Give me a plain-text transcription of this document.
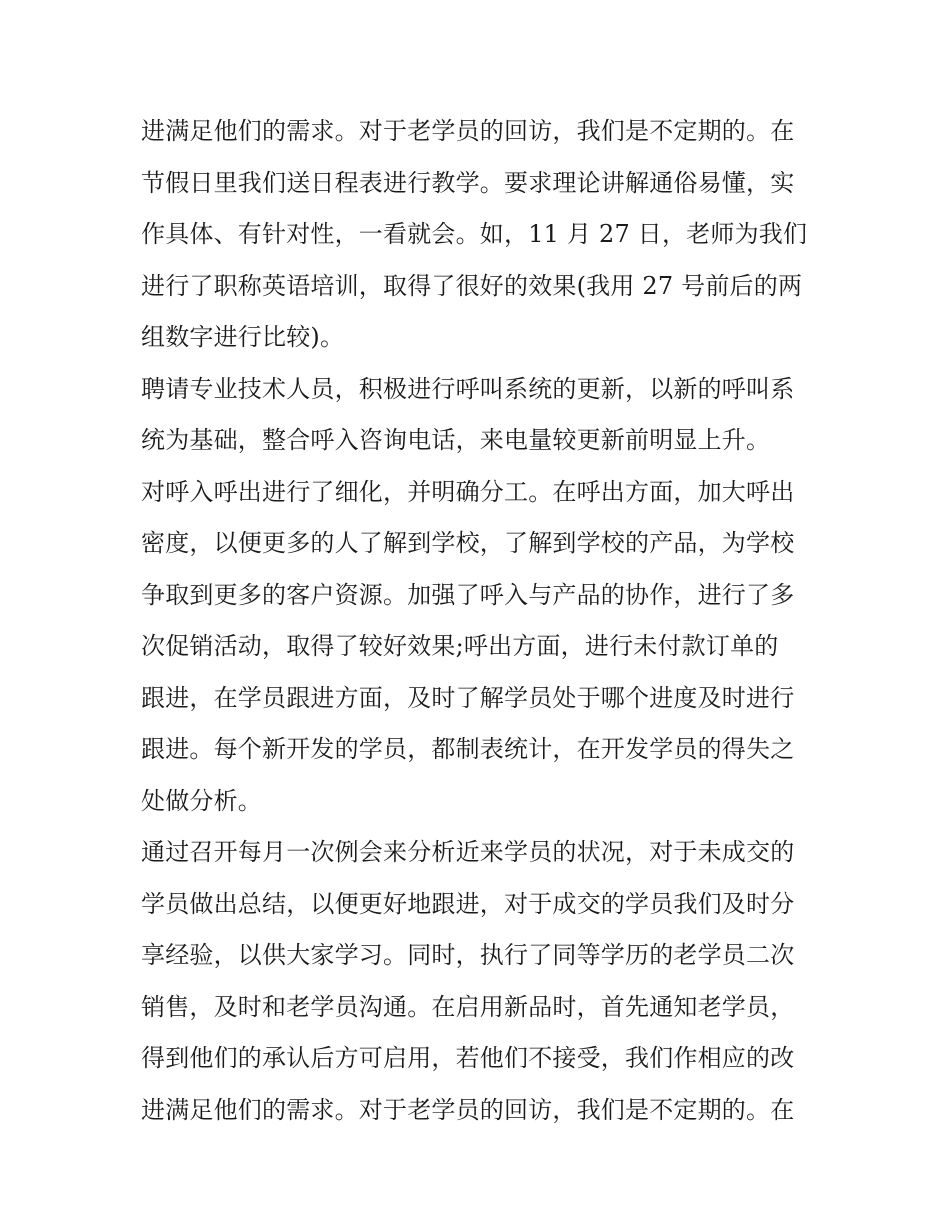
进满足他们的需求。对于老学员的回访，我们是不定期的。在
节假日里我们送日程表进行教学。要求理论讲解通俗易懂，实
作具体、有针对性，一看就会。如，11 月 27 日，老师为我们
进行了职称英语培训，取得了很好的效果(我用 27 号前后的两
组数字进行比较)。
聘请专业技术人员，积极进行呼叫系统的更新，以新的呼叫系
统为基础，整合呼入咨询电话，来电量较更新前明显上升。
对呼入呼出进行了细化，并明确分工。在呼出方面，加大呼出
密度，以便更多的人了解到学校，了解到学校的产品，为学校
争取到更多的客户资源。加强了呼入与产品的协作，进行了多
次促销活动，取得了较好效果;呼出方面，进行未付款订单的
跟进，在学员跟进方面，及时了解学员处于哪个进度及时进行
跟进。每个新开发的学员，都制表统计，在开发学员的得失之
处做分析。
通过召开每月一次例会来分析近来学员的状况，对于未成交的
学员做出总结，以便更好地跟进，对于成交的学员我们及时分
享经验，以供大家学习。同时，执行了同等学历的老学员二次
销售，及时和老学员沟通。在启用新品时，首先通知老学员，
得到他们的承认后方可启用，若他们不接受，我们作相应的改
进满足他们的需求。对于老学员的回访，我们是不定期的。在
